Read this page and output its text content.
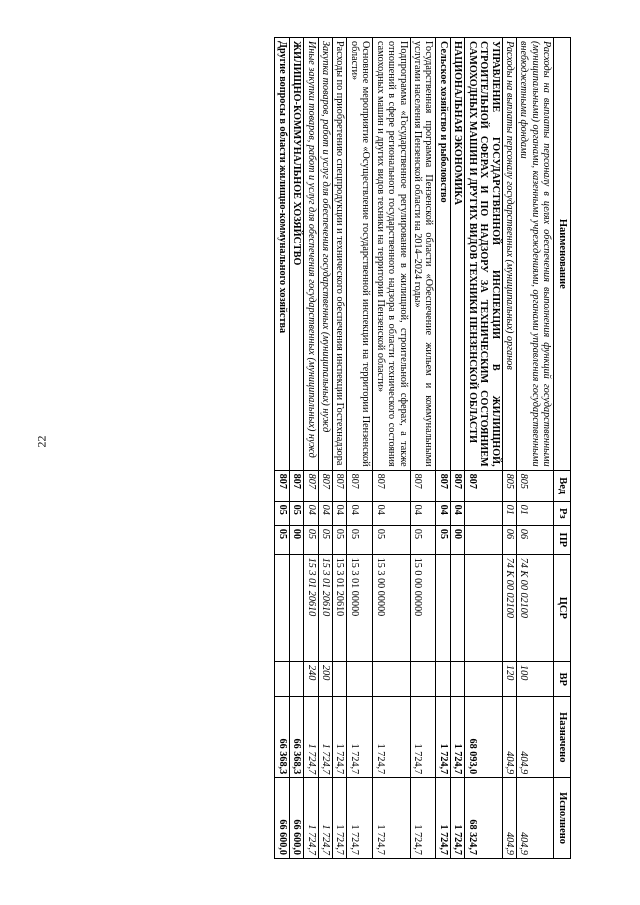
22
Наименование	Вед	Рз	ПР	ЦСР	ВР	Назначено	Исполнено
Расходы на выплаты персоналу в целях обеспечения выполнения функций государственными (муниципальными) органами, казенными учреждениями, органами управления государственными внебюджетными фондами	805	01	06	74 К 00 02100	100	404,9	404,9
Расходы на выплаты персоналу государственных (муниципальных) органов	805	01	06	74 К 00 02100	120	404,9	404,9
УПРАВЛЕНИЕ ГОСУДАРСТВЕННОЙ ИНСПЕКЦИИ В ЖИЛИЩНОЙ, СТРОИТЕЛЬНОЙ СФЕРАХ И ПО НАДЗОРУ ЗА ТЕХНИЧЕСКИМ СОСТОЯНИЕМ САМОХОДНЫХ МАШИН И ДРУГИХ ВИДОВ ТЕХНИКИ ПЕНЗЕНСКОЙ ОБЛАСТИ	807					68 093,0	68 324,7
НАЦИОНАЛЬНАЯ ЭКОНОМИКА	807	04	00			1 724,7	1 724,7
Сельское хозяйство и рыболовство	807	04	05			1 724,7	1 724,7
Государственная программа Пензенской области «Обеспечение жильем и коммунальными услугами населения Пензенской области на 2014–2024 годы»	807	04	05	15 0 00 00000		1 724,7	1 724,7
Подпрограмма «Государственное регулирование в жилищной, строительной сферах, а также отношений в сфере регионального государственного надзора в области технического состояния самоходных машин и других видов техники на территории Пензенской области»	807	04	05	15 3 00 00000		1 724,7	1 724,7
Основное мероприятие «Осуществление государственной инспекции на территории Пензенской области»	807	04	05	15 3 01 00000		1 724,7	1 724,7
Расходы по приобретению спецпродукции и технического обеспечения инспекции Гостехнадзора	807	04	05	15 3 01 20610		1 724,7	1 724,7
Закупка товаров, работ и услуг для обеспечения государственных (муниципальных) нужд	807	04	05	15 3 01 20610	200	1 724,7	1 724,7
Иные закупки товаров, работ и услуг для обеспечения государственных (муниципальных) нужд	807	04	05	15 3 01 20610	240	1 724,7	1 724,7
ЖИЛИЩНО-КОММУНАЛЬНОЕ ХОЗЯЙСТВО	807	05	00			66 368,3	66 600,0
Другие вопросы в области жилищно-коммунального хозяйства	807	05	05			66 368,3	66 600,0
